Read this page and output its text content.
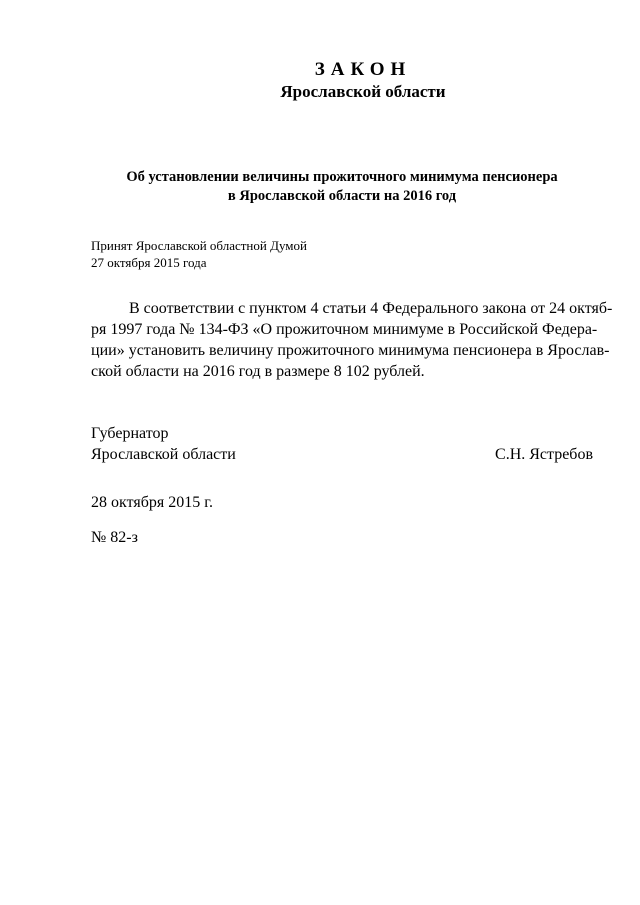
ЗАКОН
Ярославской области
Об установлении величины прожиточного минимума пенсионера
в Ярославской области на 2016 год
Принят Ярославской областной Думой
27 октября 2015 года
В соответствии с пунктом 4 статьи 4 Федерального закона от 24 октяб-
ря 1997 года № 134-ФЗ «О прожиточном минимуме в Российской Федера-
ции» установить величину прожиточного минимума пенсионера в Ярослав-
ской области на 2016 год в размере 8 102 рублей.
Губернатор
Ярославской области	С.Н. Ястребов
28 октября 2015 г.
№ 82-з
